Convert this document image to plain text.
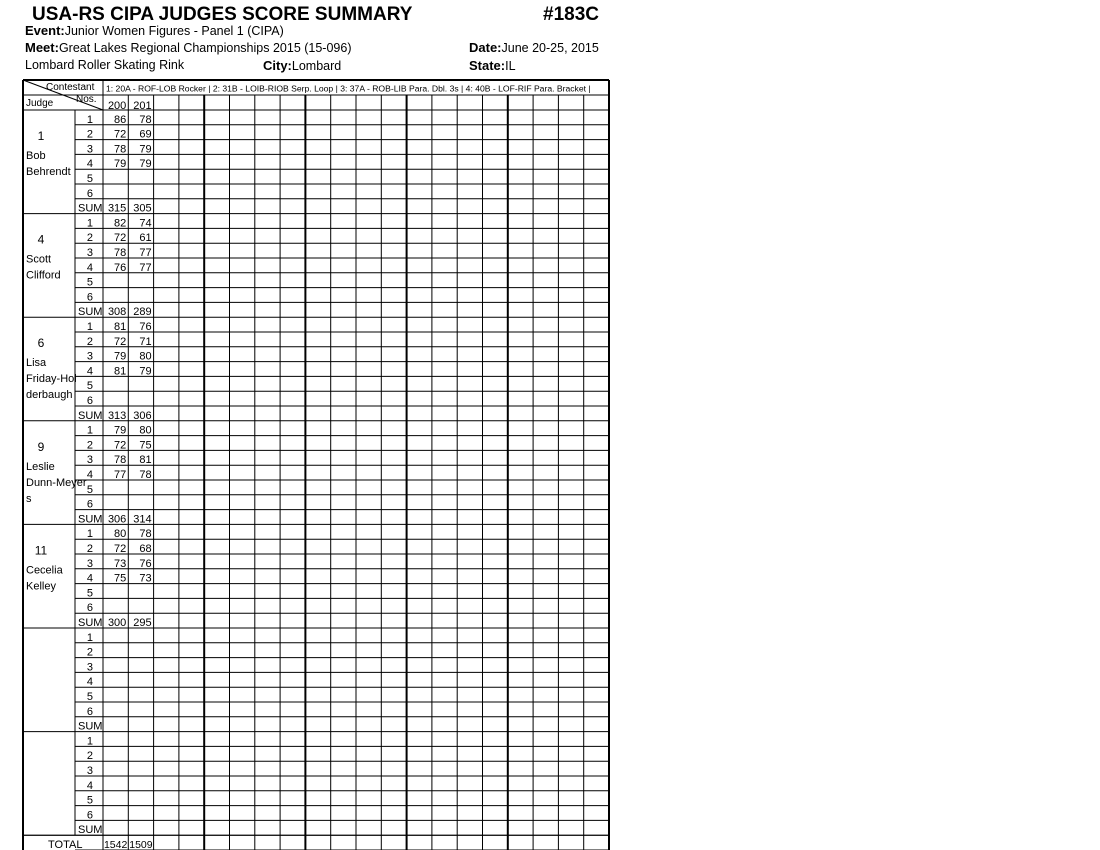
USA-RS CIPA JUDGES SCORE SUMMARY	#183C
Event:Junior Women Figures - Panel 1 (CIPA)
Meet:Great Lakes Regional Championships 2015 (15-096)	Date:June 20-25, 2015
Lombard Roller Skating Rink	City:Lombard	State:IL
Contestant
Nos.
Judge
1: 20A - ROF-LOB Rocker | 2: 31B - LOIB-RIOB Serp. Loop | 3: 37A - ROB-LIB Para. Dbl. 3s | 4: 40B - LOF-RIF Para. Bracket |
200 201
1
Bob
Behrendt
1 86 78
2 72 69
3 78 79
4 79 79
5
6
SUM 315 305
4
Scott
Clifford
1 82 74
2 72 61
3 78 77
4 76 77
5
6
SUM 308 289
6
Lisa
Friday-Hol
derbaugh
1 81 76
2 72 71
3 79 80
4 81 79
5
6
SUM 313 306
9
Leslie
Dunn-Meyer
s
1 79 80
2 72 75
3 78 81
4 77 78
5
6
SUM 306 314
11
Cecelia
Kelley
1 80 78
2 72 68
3 73 76
4 75 73
5
6
SUM 300 295
1
2
3
4
5
6
SUM
1
2
3
4
5
6
SUM
TOTAL 1542 1509
